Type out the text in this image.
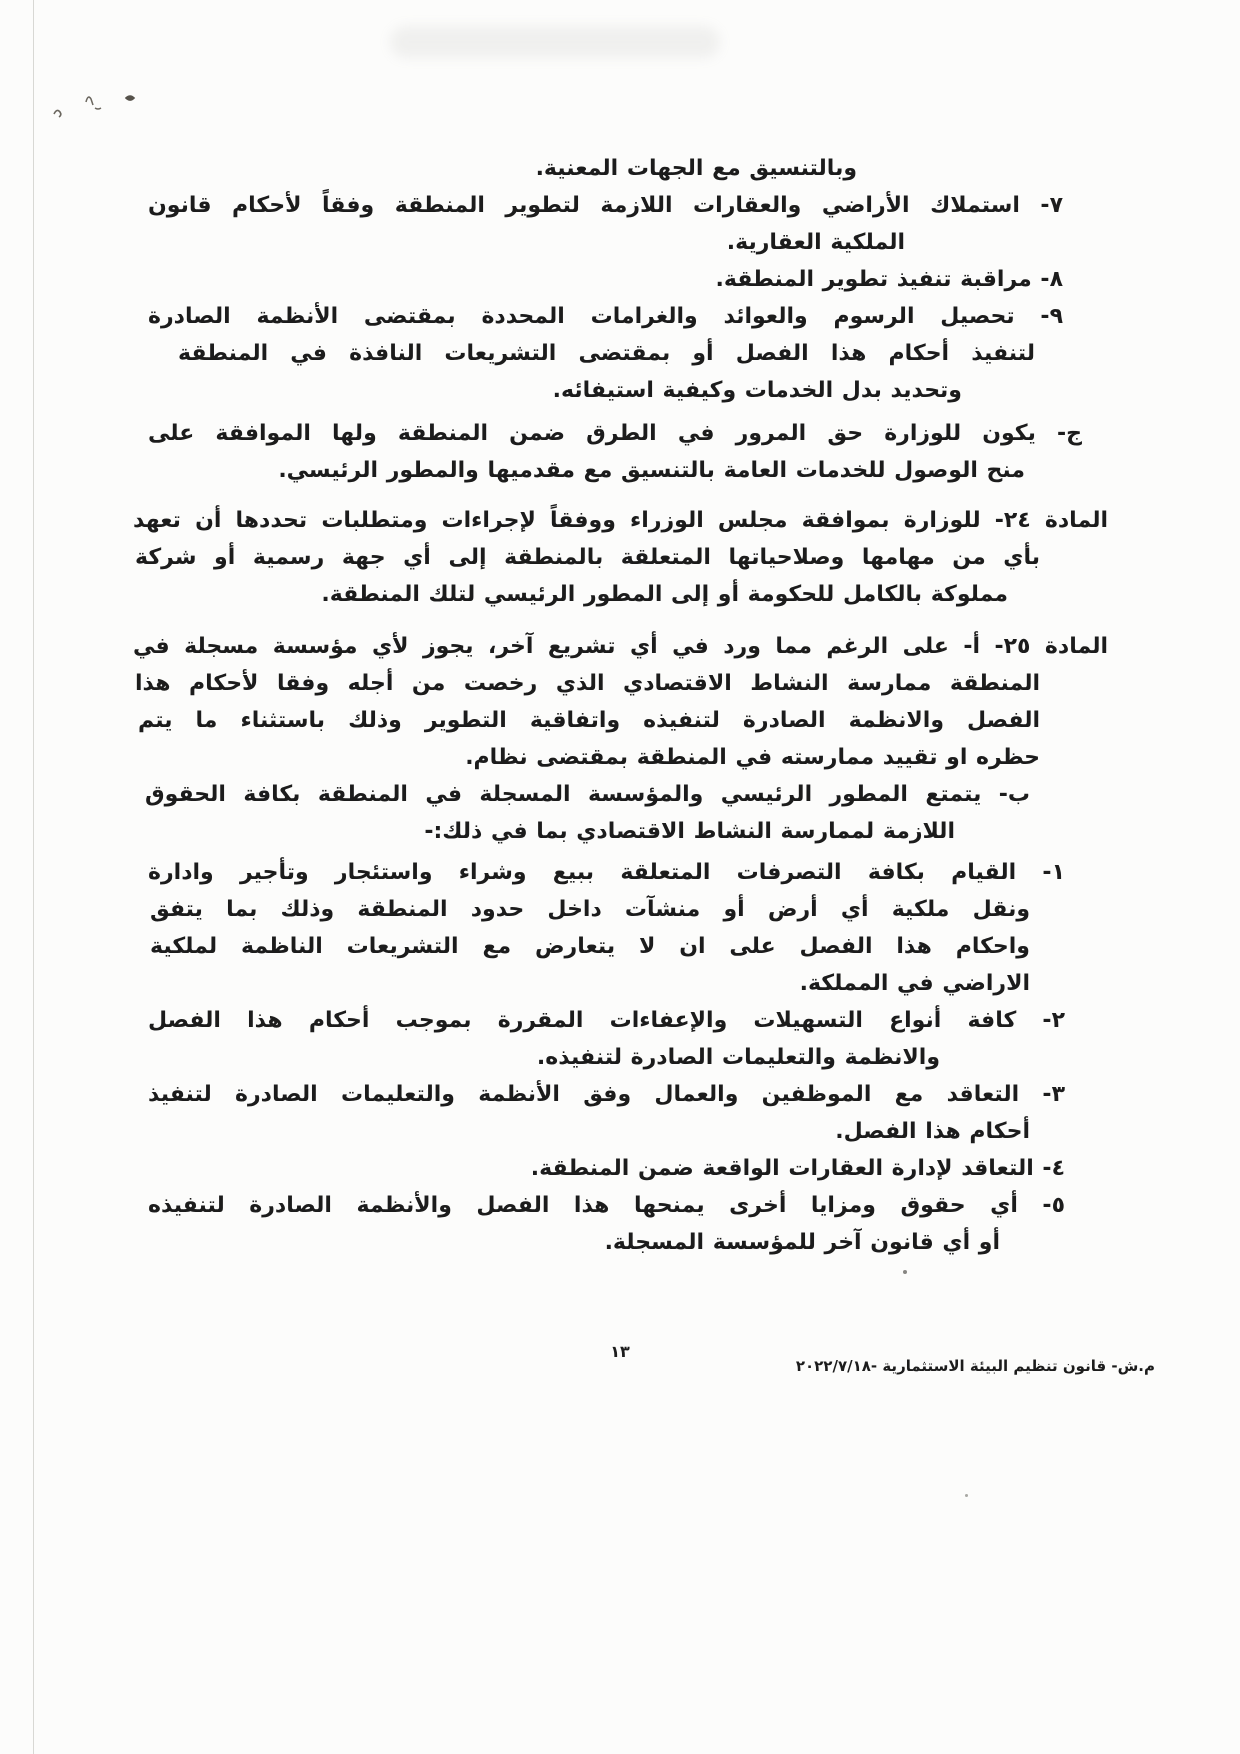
وبالتنسيق مع الجهات المعنية.
٧- استملاك الأراضي والعقارات اللازمة لتطوير المنطقة وفقاً لأحكام قانون
الملكية العقارية.
٨- مراقبة تنفيذ تطوير المنطقة.
٩- تحصيل الرسوم والعوائد والغرامات المحددة بمقتضى الأنظمة الصادرة
لتنفيذ أحكام هذا الفصل أو بمقتضى التشريعات النافذة في المنطقة
وتحديد بدل الخدمات وكيفية استيفائه.
ج- يكون للوزارة حق المرور في الطرق ضمن المنطقة ولها الموافقة على
منح الوصول للخدمات العامة بالتنسيق مع مقدميها والمطور الرئيسي.
المادة ٢٤- للوزارة بموافقة مجلس الوزراء ووفقاً لإجراءات ومتطلبات تحددها أن تعهد
بأي من مهامها وصلاحياتها المتعلقة بالمنطقة إلى أي جهة رسمية أو شركة
مملوكة بالكامل للحكومة أو إلى المطور الرئيسي لتلك المنطقة.
المادة ٢٥- أ- على الرغم مما ورد في أي تشريع آخر، يجوز لأي مؤسسة مسجلة في
المنطقة ممارسة النشاط الاقتصادي الذي رخصت من أجله وفقا لأحكام هذا
الفصل والانظمة الصادرة لتنفيذه واتفاقية التطوير وذلك باستثناء ما يتم
حظره او تقييد ممارسته في المنطقة بمقتضى نظام.
ب- يتمتع المطور الرئيسي والمؤسسة المسجلة في المنطقة بكافة الحقوق
اللازمة لممارسة النشاط الاقتصادي بما في ذلك:-
١- القيام بكافة التصرفات المتعلقة ببيع وشراء واستئجار وتأجير وادارة
ونقل ملكية أي أرض أو منشآت داخل حدود المنطقة وذلك بما يتفق
واحكام هذا الفصل على ان لا يتعارض مع التشريعات الناظمة لملكية
الاراضي في المملكة.
٢- كافة أنواع التسهيلات والإعفاءات المقررة بموجب أحكام هذا الفصل
والانظمة والتعليمات الصادرة لتنفيذه.
٣- التعاقد مع الموظفين والعمال وفق الأنظمة والتعليمات الصادرة لتنفيذ
أحكام هذا الفصل.
٤- التعاقد لإدارة العقارات الواقعة ضمن المنطقة.
٥- أي حقوق ومزايا أخرى يمنحها هذا الفصل والأنظمة الصادرة لتنفيذه
أو أي قانون آخر للمؤسسة المسجلة.
١٣
م.ش- قانون تنظيم البيئة الاستثمارية -٢٠٢٢/٧/١٨
